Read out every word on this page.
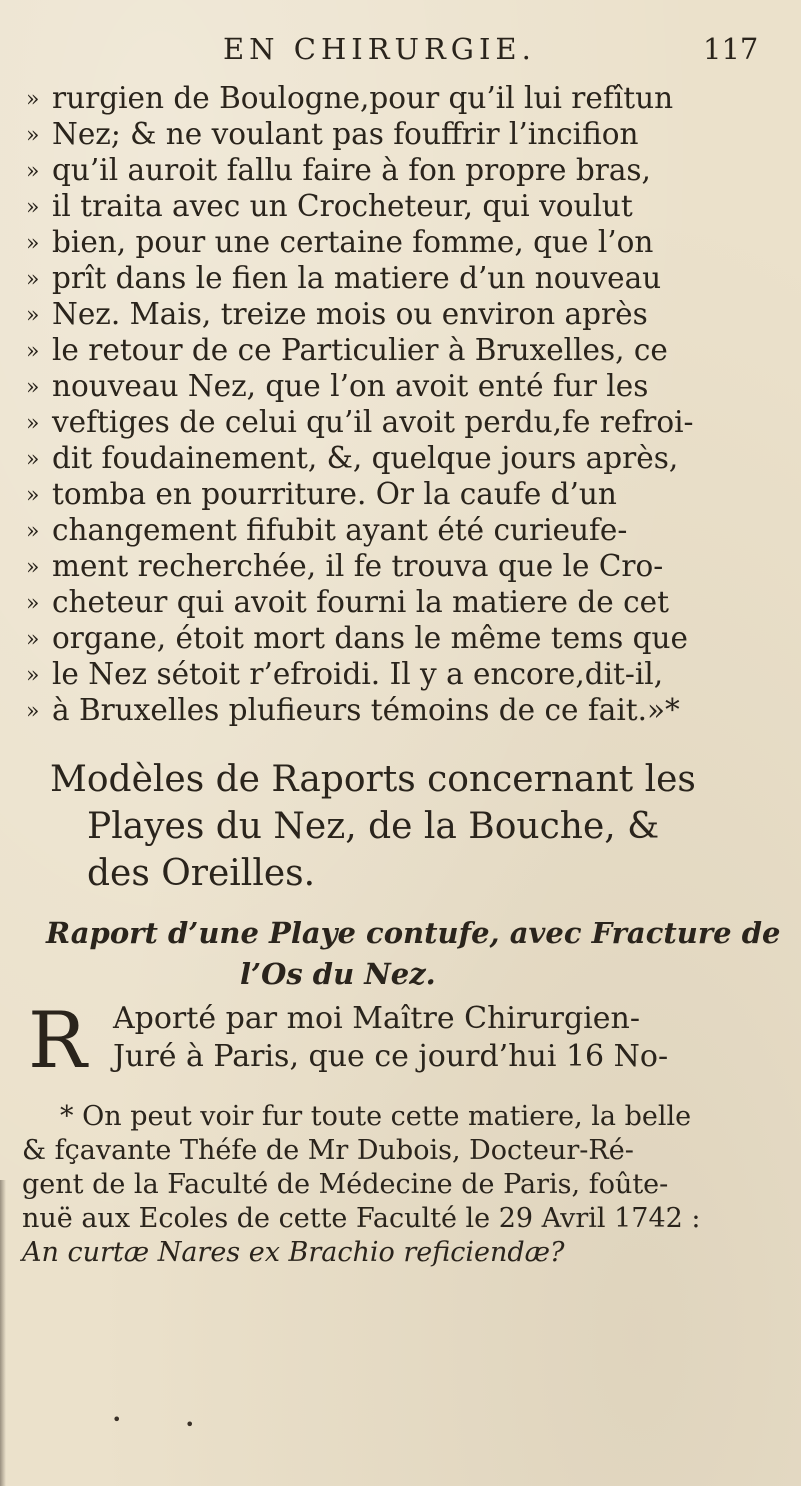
EN CHIRURGIE.	117
» rurgien de Boulogne,pour qu’il lui refîtun
» Nez; & ne voulant pas fouffrir l’incifion
» qu’il auroit fallu faire à fon propre bras,
» il traita avec un Crocheteur, qui voulut
» bien, pour une certaine fomme, que l’on
» prît dans le fien la matiere d’un nouveau
» Nez. Mais, treize mois ou environ après
» le retour de ce Particulier à Bruxelles, ce
» nouveau Nez, que l’on avoit enté fur les
» veftiges de celui qu’il avoit perdu,fe refroi-
» dit foudainement, &, quelque jours après,
» tomba en pourriture. Or la caufe d’un
» changement fifubit ayant été curieufe-
» ment recherchée, il fe trouva que le Cro-
» cheteur qui avoit fourni la matiere de cet
» organe, étoit mort dans le même tems que
» le Nez sétoit r’efroidi. Il y a encore,dit-il,
» à Bruxelles plufieurs témoins de ce fait.»*
Modèles de Raports concernant les
Playes du Nez, de la Bouche, &
des Oreilles.
Raport d’une Playe contufe, avec Fracture de
l’Os du Nez.
R Aporté par moi Maître Chirurgien-
Juré à Paris, que ce jourd’hui 16 No-
* On peut voir fur toute cette matiere, la belle
& fçavante Théfe de Mr Dubois, Docteur-Ré-
gent de la Faculté de Médecine de Paris, foûte-
nuë aux Ecoles de cette Faculté le 29 Avril 1742 :
An curtæ Nares ex Brachio reficiendæ?
•	•
